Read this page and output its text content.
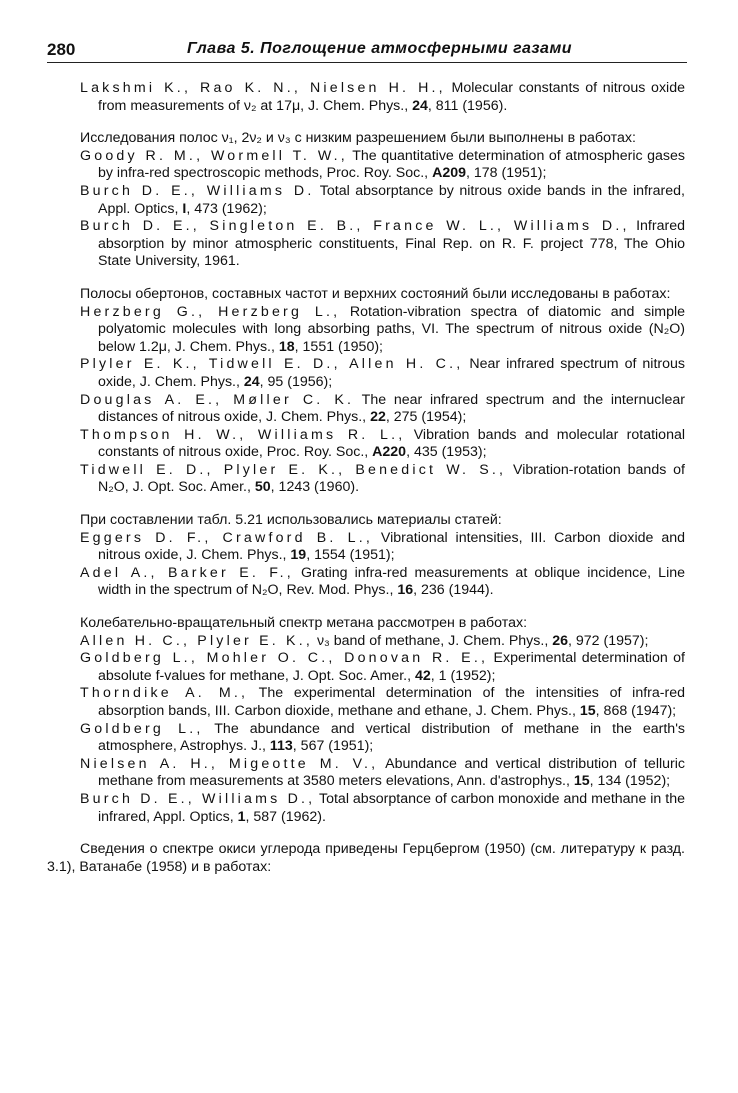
280	Глава 5. Поглощение атмосферными газами

Lakshmi K., Rao K. N., Nielsen H. H., Molecular constants of nitrous oxide from measurements of ν₂ at 17μ, J. Chem. Phys., 24, 811 (1956).

Исследования полос ν₁, 2ν₂ и ν₃ с низким разрешением были выполнены в работах:

Goody R. M., Wormell T. W., The quantitative determination of atmospheric gases by infra-red spectroscopic methods, Proc. Roy. Soc., A209, 178 (1951);

Burch D. E., Williams D. Total absorptance by nitrous oxide bands in the infrared, Appl. Optics, I, 473 (1962);

Burch D. E., Singleton E. B., France W. L., Williams D., Infrared absorption by minor atmospheric constituents, Final Rep. on R. F. project 778, The Ohio State University, 1961.

Полосы обертонов, составных частот и верхних состояний были исследованы в работах:

Herzberg G., Herzberg L., Rotation-vibration spectra of diatomic and simple polyatomic molecules with long absorbing paths, VI. The spectrum of nitrous oxide (N₂O) below 1.2μ, J. Chem. Phys., 18, 1551 (1950);

Plyler E. K., Tidwell E. D., Allen H. C., Near infrared spectrum of nitrous oxide, J. Chem. Phys., 24, 95 (1956);

Douglas A. E., Møller C. K. The near infrared spectrum and the internuclear distances of nitrous oxide, J. Chem. Phys., 22, 275 (1954);

Thompson H. W., Williams R. L., Vibration bands and molecular rotational constants of nitrous oxide, Proc. Roy. Soc., A220, 435 (1953);

Tidwell E. D., Plyler E. K., Benedict W. S., Vibration-rotation bands of N₂O, J. Opt. Soc. Amer., 50, 1243 (1960).

При составлении табл. 5.21 использовались материалы статей:

Eggers D. F., Crawford B. L., Vibrational intensities, III. Carbon dioxide and nitrous oxide, J. Chem. Phys., 19, 1554 (1951);

Adel A., Barker E. F., Grating infra-red measurements at oblique incidence, Line width in the spectrum of N₂O, Rev. Mod. Phys., 16, 236 (1944).

Колебательно-вращательный спектр метана рассмотрен в работах:

Allen H. C., Plyler E. K., ν₃ band of methane, J. Chem. Phys., 26, 972 (1957);

Goldberg L., Mohler O. C., Donovan R. E., Experimental determination of absolute f-values for methane, J. Opt. Soc. Amer., 42, 1 (1952);

Thorndike A. M., The experimental determination of the intensities of infra-red absorption bands, III. Carbon dioxide, methane and ethane, J. Chem. Phys., 15, 868 (1947);

Goldberg L., The abundance and vertical distribution of methane in the earth's atmosphere, Astrophys. J., 113, 567 (1951);

Nielsen A. H., Migeotte M. V., Abundance and vertical distribution of telluric methane from measurements at 3580 meters elevations, Ann. d'astrophys., 15, 134 (1952);

Burch D. E., Williams D., Total absorptance of carbon monoxide and methane in the infrared, Appl. Optics, 1, 587 (1962).

Сведения о спектре окиси углерода приведены Герцбергом (1950) (см. литературу к разд. 3.1), Ватанабе (1958) и в работах:
